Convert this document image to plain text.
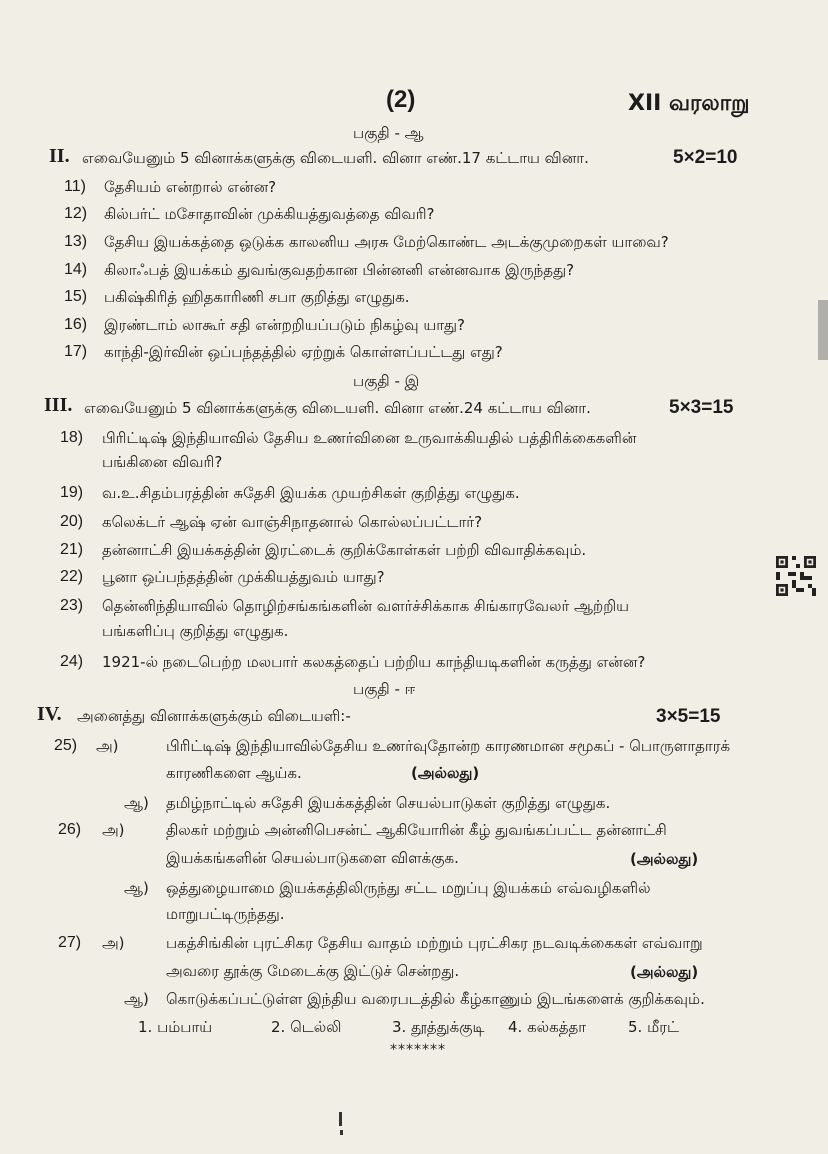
(2)	XII வரலாறு
பகுதி - ஆ
II. எவையேனும் 5 வினாக்களுக்கு விடையளி. வினா எண்.17 கட்டாய வினா.	5×2=10
11) தேசியம் என்றால் என்ன?
12) கில்பர்ட் மசோதாவின் முக்கியத்துவத்தை விவரி?
13) தேசிய இயக்கத்தை ஒடுக்க காலனிய அரசு மேற்கொண்ட அடக்குமுறைகள் யாவை?
14) கிலாஃபத் இயக்கம் துவங்குவதற்கான பின்னனி என்னவாக இருந்தது?
15) பகிஷ்கிரித் ஹிதகாரிணி சபா குறித்து எழுதுக.
16) இரண்டாம் லாகூர் சதி என்றறியப்படும் நிகழ்வு யாது?
17) காந்தி-இர்வின் ஒப்பந்தத்தில் ஏற்றுக் கொள்ளப்பட்டது எது?
பகுதி - இ
III. எவையேனும் 5 வினாக்களுக்கு விடையளி. வினா எண்.24 கட்டாய வினா.	5×3=15
18) பிரிட்டிஷ் இந்தியாவில் தேசிய உணர்வினை உருவாக்கியதில் பத்திரிக்கைகளின்
பங்கினை விவரி?
19) வ.உ.சிதம்பரத்தின் சுதேசி இயக்க முயற்சிகள் குறித்து எழுதுக.
20) கலெக்டர் ஆஷ் ஏன் வாஞ்சிநாதனால் கொல்லப்பட்டார்?
21) தன்னாட்சி இயக்கத்தின் இரட்டைக் குறிக்கோள்கள் பற்றி விவாதிக்கவும்.
22) பூனா ஒப்பந்தத்தின் முக்கியத்துவம் யாது?
23) தென்னிந்தியாவில் தொழிற்சங்கங்களின் வளர்ச்சிக்காக சிங்காரவேலர் ஆற்றிய
பங்களிப்பு குறித்து எழுதுக.
24) 1921-ல் நடைபெற்ற மலபார் கலகத்தைப் பற்றிய காந்தியடிகளின் கருத்து என்ன?
பகுதி - ஈ
IV. அனைத்து வினாக்களுக்கும் விடையளி:-	3×5=15
25) அ)	பிரிட்டிஷ் இந்தியாவில்தேசிய உணர்வுதோன்ற காரணமான சமூகப் - பொருளாதாரக்
காரணிகளை ஆய்க.	(அல்லது)
ஆ) தமிழ்நாட்டில் சுதேசி இயக்கத்தின் செயல்பாடுகள் குறித்து எழுதுக.
26) அ)	திலகர் மற்றும் அன்னிபெசன்ட் ஆகியோரின் கீழ் துவங்கப்பட்ட தன்னாட்சி
இயக்கங்களின் செயல்பாடுகளை விளக்குக.	(அல்லது)
ஆ) ஒத்துழையாமை இயக்கத்திலிருந்து சட்ட மறுப்பு இயக்கம் எவ்வழிகளில்
மாறுபட்டிருந்தது.
27) அ)	பகத்சிங்கின் புரட்சிகர தேசிய வாதம் மற்றும் புரட்சிகர நடவடிக்கைகள் எவ்வாறு
அவரை தூக்கு மேடைக்கு இட்டுச் சென்றது.	(அல்லது)
ஆ) கொடுக்கப்பட்டுள்ள இந்திய வரைபடத்தில் கீழ்காணும் இடங்களைக் குறிக்கவும்.
1. பம்பாய்	2. டெல்லி	3. தூத்துக்குடி 4. கல்கத்தா	5. மீரட்
*******
